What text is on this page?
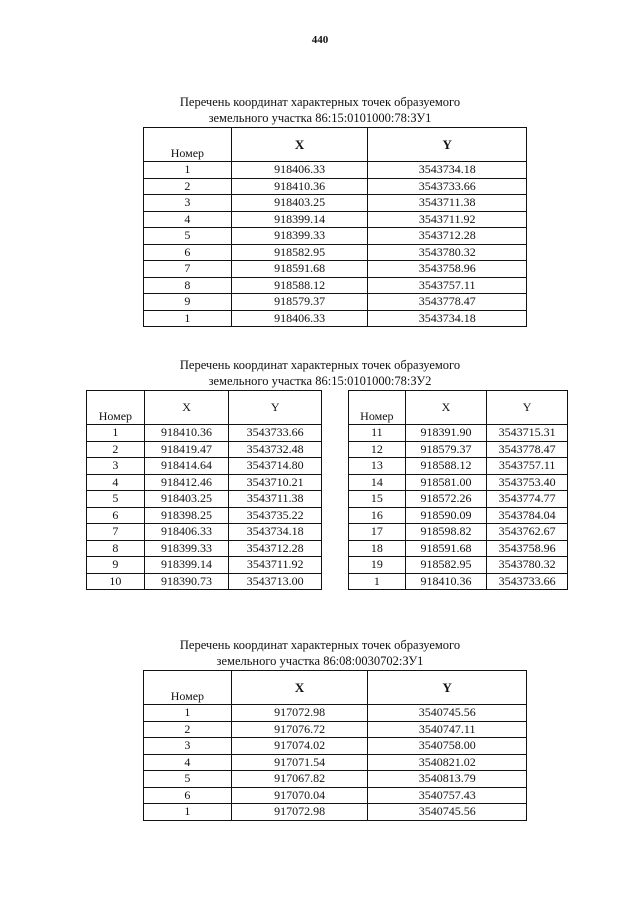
440
Перечень координат характерных точек образуемого
земельного участка 86:15:0101000:78:ЗУ1
Номер	X	Y
1	918406.33	3543734.18
2	918410.36	3543733.66
3	918403.25	3543711.38
4	918399.14	3543711.92
5	918399.33	3543712.28
6	918582.95	3543780.32
7	918591.68	3543758.96
8	918588.12	3543757.11
9	918579.37	3543778.47
1	918406.33	3543734.18
Перечень координат характерных точек образуемого
земельного участка 86:15:0101000:78:ЗУ2
Номер	X	Y
1	918410.36	3543733.66
2	918419.47	3543732.48
3	918414.64	3543714.80
4	918412.46	3543710.21
5	918403.25	3543711.38
6	918398.25	3543735.22
7	918406.33	3543734.18
8	918399.33	3543712.28
9	918399.14	3543711.92
10	918390.73	3543713.00
Номер	X	Y
11	918391.90	3543715.31
12	918579.37	3543778.47
13	918588.12	3543757.11
14	918581.00	3543753.40
15	918572.26	3543774.77
16	918590.09	3543784.04
17	918598.82	3543762.67
18	918591.68	3543758.96
19	918582.95	3543780.32
1	918410.36	3543733.66
Перечень координат характерных точек образуемого
земельного участка 86:08:0030702:ЗУ1
Номер	X	Y
1	917072.98	3540745.56
2	917076.72	3540747.11
3	917074.02	3540758.00
4	917071.54	3540821.02
5	917067.82	3540813.79
6	917070.04	3540757.43
1	917072.98	3540745.56
